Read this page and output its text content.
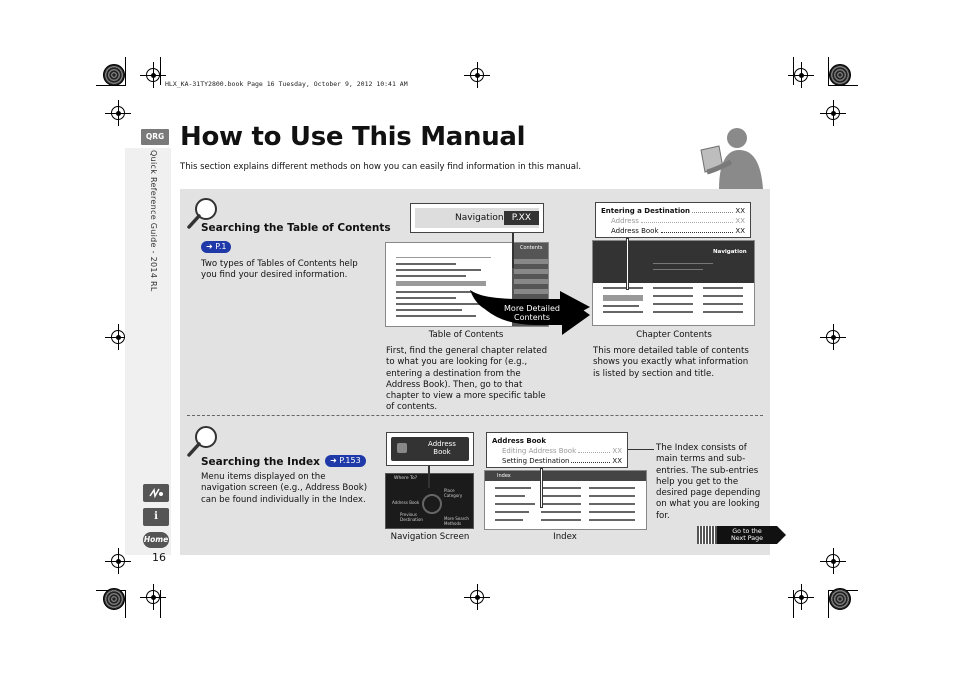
HLX_KA-31TY2800.book Page 16 Tuesday, October 9, 2012 10:41 AM
QRG
Quick Reference Guide - 2014 RL
i
Home
16
How to Use This Manual
This section explains different methods on how you can easily find information in this manual.
Searching the Table of Contents
➜ P.1
Two types of Tables of Contents help you find your desired information.
Contents
Navigation P.XX
More Detailed
Contents
Navigation
Entering a Destination	XX
Address	XX
Address Book	XX
Table of Contents	Chapter Contents
First, find the general chapter related to what you are looking for (e.g., entering a destination from the Address Book). Then, go to that chapter to view a more specific table of contents.
This more detailed table of contents shows you exactly what information is listed by section and title.
Searching the Index ➜ P.153
Menu items displayed on the navigation screen (e.g., Address Book) can be found individually in the Index.
Where To?
Address Book
Previous Destination
Place Category
More Search Methods
Address
Book
Index
Address Book
Editing Address Book	XX
Setting Destination	XX
The Index consists of main terms and sub-entries. The sub-entries help you get to the desired page depending on what you are looking for.
Navigation Screen	Index
Go to the
Next Page
